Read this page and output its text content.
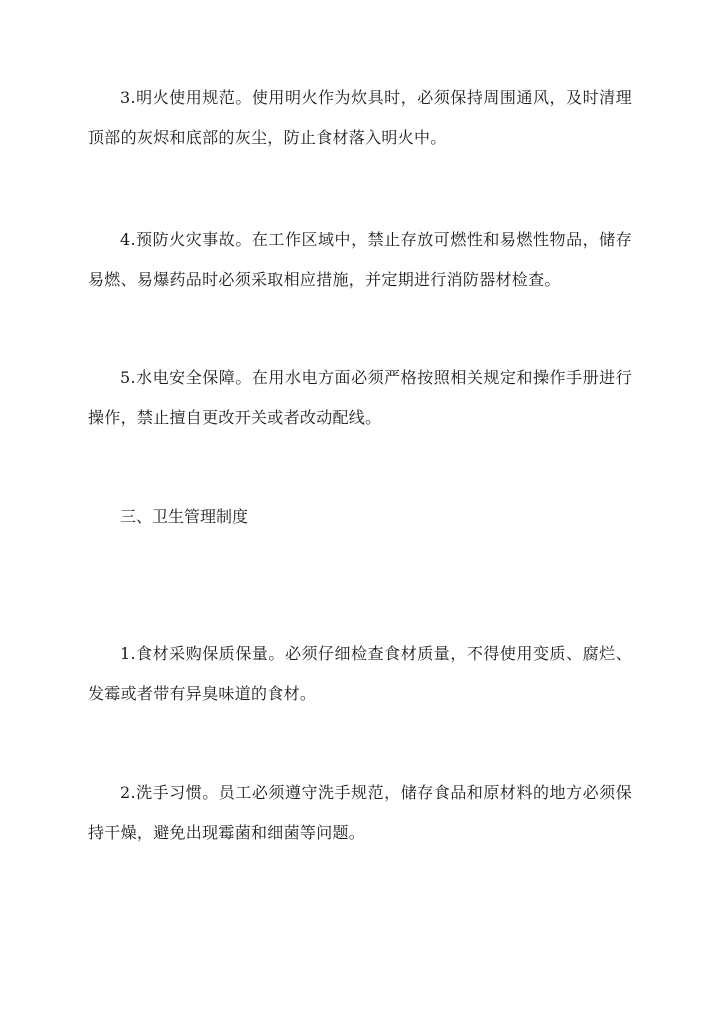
3.明火使用规范。使用明火作为炊具时，必须保持周围通风，及时清理顶部的灰烬和底部的灰尘，防止食材落入明火中。

4.预防火灾事故。在工作区域中，禁止存放可燃性和易燃性物品，储存易燃、易爆药品时必须采取相应措施，并定期进行消防器材检查。

5.水电安全保障。在用水电方面必须严格按照相关规定和操作手册进行操作，禁止擅自更改开关或者改动配线。

三、卫生管理制度

1.食材采购保质保量。必须仔细检查食材质量，不得使用变质、腐烂、发霉或者带有异臭味道的食材。

2.洗手习惯。员工必须遵守洗手规范，储存食品和原材料的地方必须保持干燥，避免出现霉菌和细菌等问题。
